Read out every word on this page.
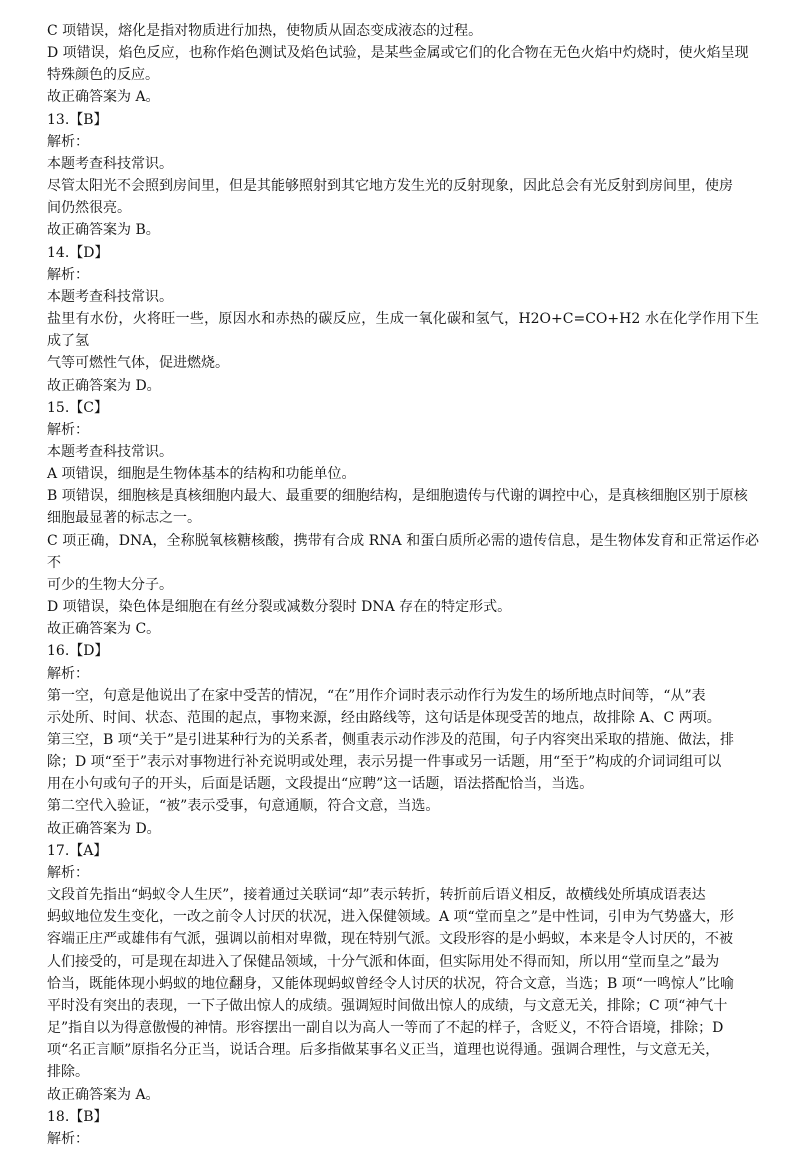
C 项错误，熔化是指对物质进行加热，使物质从固态变成液态的过程。

D 项错误，焰色反应，也称作焰色测试及焰色试验，是某些金属或它们的化合物在无色火焰中灼烧时，使火焰呈现

特殊颜色的反应。

故正确答案为 A。

13.【B】

解析：

本题考查科技常识。

尽管太阳光不会照到房间里，但是其能够照射到其它地方发生光的反射现象，因此总会有光反射到房间里，使房

间仍然很亮。

故正确答案为 B。

14.【D】

解析：

本题考查科技常识。

盐里有水份，火将旺一些，原因水和赤热的碳反应，生成一氧化碳和氢气，H2O+C=CO+H2 水在化学作用下生成了氢

气等可燃性气体，促进燃烧。

故正确答案为 D。

15.【C】

解析：

本题考查科技常识。

A 项错误，细胞是生物体基本的结构和功能单位。

B 项错误，细胞核是真核细胞内最大、最重要的细胞结构，是细胞遗传与代谢的调控中心，是真核细胞区别于原核

细胞最显著的标志之一。

C 项正确，DNA，全称脱氧核糖核酸，携带有合成 RNA 和蛋白质所必需的遗传信息，是生物体发育和正常运作必不

可少的生物大分子。

D 项错误，染色体是细胞在有丝分裂或减数分裂时 DNA 存在的特定形式。

故正确答案为 C。

16.【D】

解析：

第一空，句意是他说出了在家中受苦的情况，“在”用作介词时表示动作行为发生的场所地点时间等，“从”表

示处所、时间、状态、范围的起点，事物来源，经由路线等，这句话是体现受苦的地点，故排除 A、C 两项。

第三空，B 项“关于”是引进某种行为的关系者，侧重表示动作涉及的范围，句子内容突出采取的措施、做法，排

除；D 项“至于”表示对事物进行补充说明或处理，表示另提一件事或另一话题，用“至于”构成的介词词组可以

用在小句或句子的开头，后面是话题，文段提出“应聘”这一话题，语法搭配恰当，当选。

第二空代入验证，“被”表示受事，句意通顺，符合文意，当选。

故正确答案为 D。

17.【A】

解析：

文段首先指出“蚂蚁令人生厌”，接着通过关联词“却”表示转折，转折前后语义相反，故横线处所填成语表达

蚂蚁地位发生变化，一改之前令人讨厌的状况，进入保健领域。A 项“堂而皇之”是中性词，引申为气势盛大，形

容端正庄严或雄伟有气派，强调以前相对卑微，现在特别气派。文段形容的是小蚂蚁，本来是令人讨厌的，不被

人们接受的，可是现在却进入了保健品领域，十分气派和体面，但实际用处不得而知，所以用“堂而皇之”最为

恰当，既能体现小蚂蚁的地位翻身，又能体现蚂蚁曾经令人讨厌的状况，符合文意，当选；B 项“一鸣惊人”比喻

平时没有突出的表现，一下子做出惊人的成绩。强调短时间做出惊人的成绩，与文意无关，排除；C 项“神气十

足”指自以为得意傲慢的神情。形容摆出一副自以为高人一等而了不起的样子，含贬义，不符合语境，排除；D

项“名正言顺”原指名分正当，说话合理。后多指做某事名义正当，道理也说得通。强调合理性，与文意无关，

排除。

故正确答案为 A。

18.【B】

解析：
